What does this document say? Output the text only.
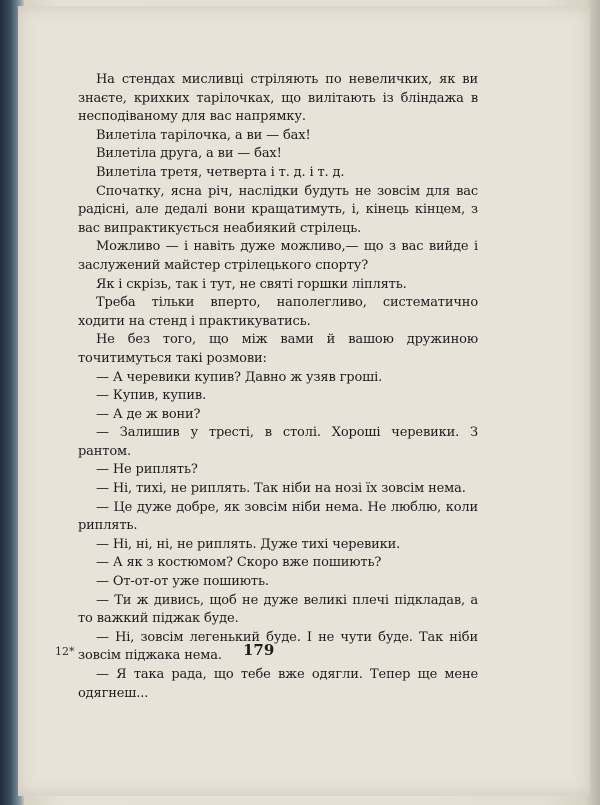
На стендах мисливці стріляють по невеличких, як ви знаєте, крихких тарілочках, що вилітають із бліндажа в несподіваному для вас напрямку.

Вилетіла тарілочка, а ви — бах!

Вилетіла друга, а ви — бах!

Вилетіла третя, четверта і т. д. і т. д.

Спочатку, ясна річ, наслідки будуть не зовсім для вас радісні, але дедалі вони кращатимуть, і, кінець кінцем, з вас випрактикується неабиякий стрілець.

Можливо — і навіть дуже можливо,— що з вас вийде і заслужений майстер стрілецького спорту?

Як і скрізь, так і тут, не святі горшки ліплять.

Треба тільки вперто, наполегливо, систематично ходити на стенд і практикуватись.

Не без того, що між вами й вашою дружиною точитимуться такі розмови:

— А черевики купив? Давно ж узяв гроші.

— Купив, купив.

— А де ж вони?

— Залишив у тресті, в столі. Хороші черевики. З рантом.

— Не риплять?

— Ні, тихі, не риплять. Так ніби на нозі їх зовсім нема.

— Це дуже добре, як зовсім ніби нема. Не люблю, коли риплять.

— Ні, ні, ні, не риплять. Дуже тихі черевики.

— А як з костюмом? Скоро вже пошиють?

— От-от-от уже пошиють.

— Ти ж дивись, щоб не дуже великі плечі підкладав, а то важкий піджак буде.

— Ні, зовсім легенький буде. І не чути буде. Так ніби зовсім піджака нема.

— Я така рада, що тебе вже одягли. Тепер ще мене одягнеш...

12*	179
